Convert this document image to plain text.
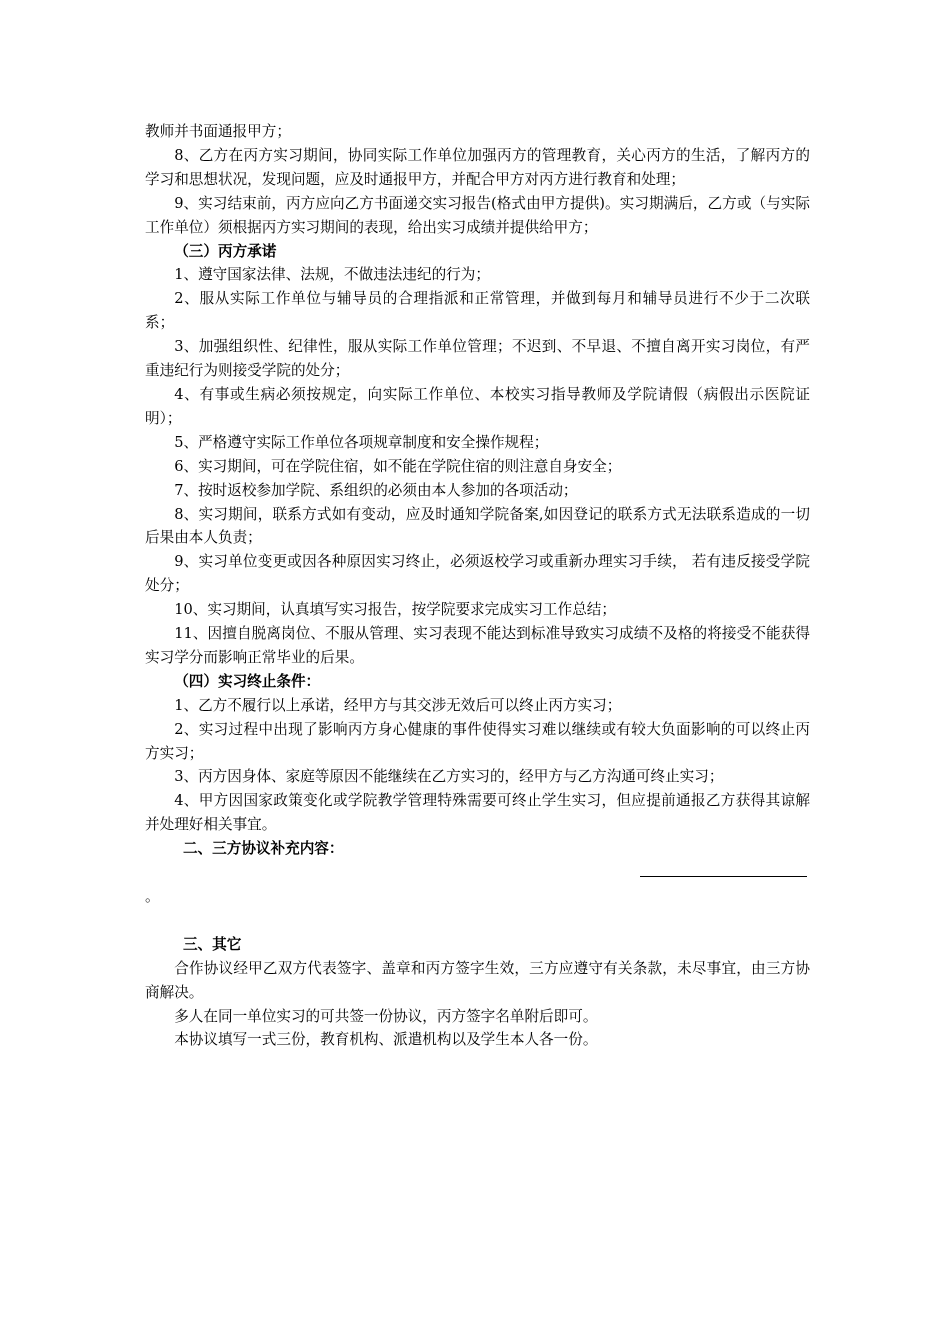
教师并书面通报甲方；

8、乙方在丙方实习期间，协同实际工作单位加强丙方的管理教育，关心丙方的生活，了解丙方的学习和思想状况，发现问题，应及时通报甲方，并配合甲方对丙方进行教育和处理；

9、实习结束前，丙方应向乙方书面递交实习报告(格式由甲方提供)。实习期满后，乙方或（与实际工作单位）须根据丙方实习期间的表现，给出实习成绩并提供给甲方；

（三）丙方承诺

1、遵守国家法律、法规，不做违法违纪的行为；

2、服从实际工作单位与辅导员的合理指派和正常管理，并做到每月和辅导员进行不少于二次联系；

3、加强组织性、纪律性，服从实际工作单位管理；不迟到、不早退、不擅自离开实习岗位，有严重违纪行为则接受学院的处分；

4、有事或生病必须按规定，向实际工作单位、本校实习指导教师及学院请假（病假出示医院证明）；

5、严格遵守实际工作单位各项规章制度和安全操作规程；

6、实习期间，可在学院住宿，如不能在学院住宿的则注意自身安全；

7、按时返校参加学院、系组织的必须由本人参加的各项活动；

8、实习期间，联系方式如有变动，应及时通知学院备案,如因登记的联系方式无法联系造成的一切后果由本人负责；

9、实习单位变更或因各种原因实习终止，必须返校学习或重新办理实习手续， 若有违反接受学院处分；

10、实习期间，认真填写实习报告，按学院要求完成实习工作总结；

11、因擅自脱离岗位、不服从管理、实习表现不能达到标准导致实习成绩不及格的将接受不能获得实习学分而影响正常毕业的后果。

（四）实习终止条件：

1、乙方不履行以上承诺，经甲方与其交涉无效后可以终止丙方实习；

2、实习过程中出现了影响丙方身心健康的事件使得实习难以继续或有较大负面影响的可以终止丙方实习；

3、丙方因身体、家庭等原因不能继续在乙方实习的，经甲方与乙方沟通可终止实习；

4、甲方因国家政策变化或学院教学管理特殊需要可终止学生实习，但应提前通报乙方获得其谅解并处理好相关事宜。

二、三方协议补充内容：

。

三、其它

合作协议经甲乙双方代表签字、盖章和丙方签字生效，三方应遵守有关条款，未尽事宜，由三方协商解决。

多人在同一单位实习的可共签一份协议，丙方签字名单附后即可。

本协议填写一式三份，教育机构、派遣机构以及学生本人各一份。
